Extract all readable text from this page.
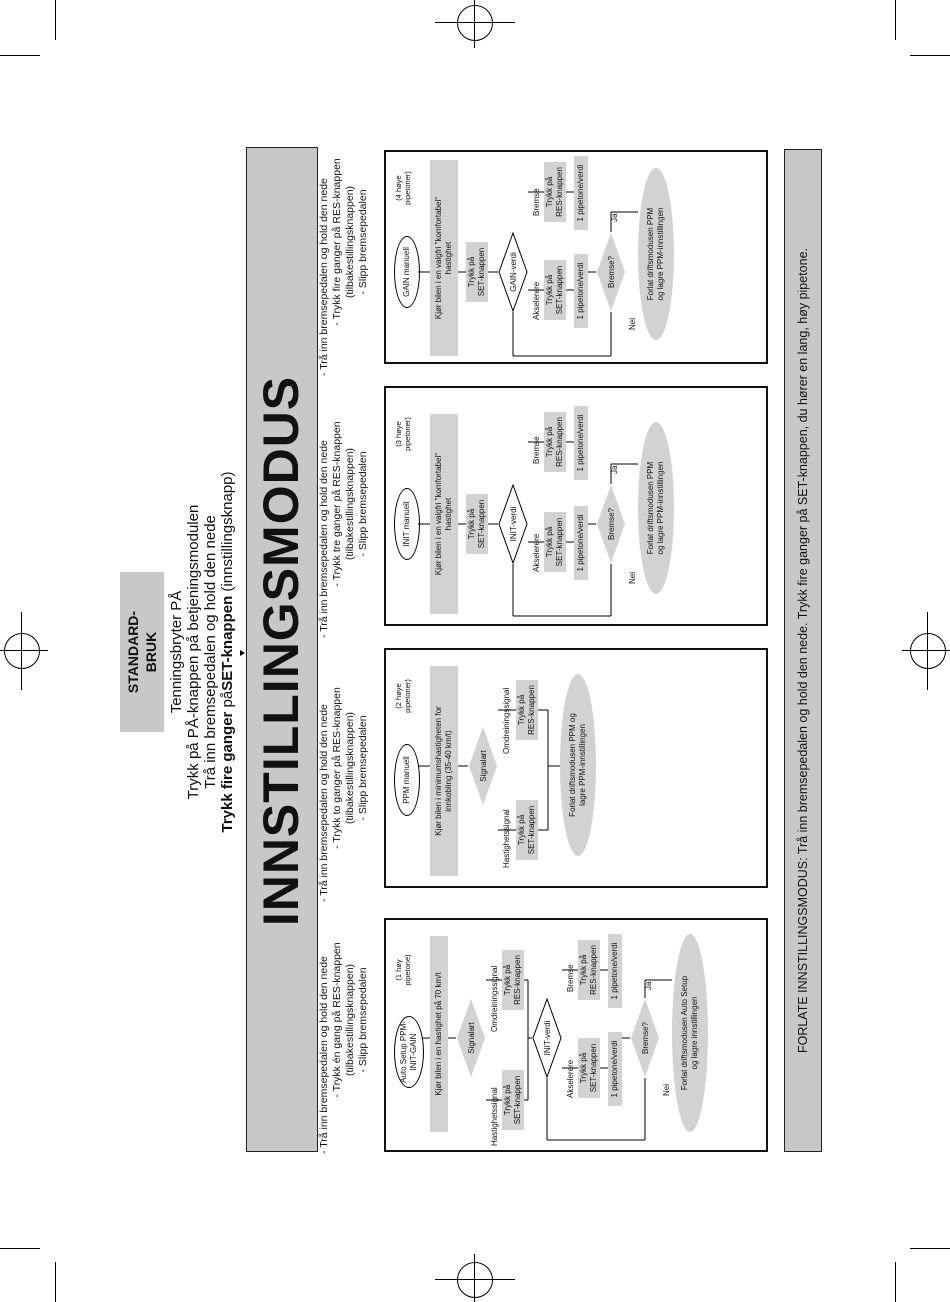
STANDARD- BRUK Tenningsbryter PÅ Trykk på PÅ-knappen på betjeningsmodulen Trå inn bremsepedalen og hold den nede Trykk fire ganger påSET-knappen (innstillingsknapp) INNSTILLINGSMODUS
- Trå inn bremsepedalen og hold den nede - Trykk én gang på RES-knappen (tilbakestillingsknappen) - Slipp bremsepedalen
- Trå inn bremsepedalen og hold den nede - Trykk to ganger på RES-knappen (tilbakestillingsknappen) - Slipp bremsepedalen
- Trå inn bremsepedalen og hold den nede - Trykk tre ganger på RES-knappen (tilbakestillingsknappen) - Slipp bremsepedalen
- Trå inn bremsepedalen og hold den nede - Trykk fire ganger på RES-knappen (tilbakestillingsknappen) - Slipp bremsepedalen
Auto Setup PPM- INIT-GAIN
(1 høy pipetone)
Kjør bilen i en hastighet på 70 km/t	Signalart
Hastighetssignal
Omdreiningssignal
Trykk på SET-knappen
Trykk på RES-knappen
INIT-verdi
Akselerere
Bremse
Trykk på SET-knappen
Trykk på RES-knappen
1 pipetone/verdi
1 pipetone/verdi
Bremse?
Nei
Ja	Forlat driftsmodusen Auto Setup og lagre innstillingen
PPM manuell
(2 høye pipetoner)
Kjør bilen i minimumshastigheten for innkobling (35-40 km/t)	Signalart
Hastighetssignal
Omdreiningssignal
Trykk på SET-knappen
Trykk på RES-knappen
Forlat driftsmodusen PPM og lagre PPM-innstillingen
INIT manuell
(3 høye pipetoner)
Kjør bilen i en valgfri "komfortabel" hastighet Trykk på SET-knappen	INIT-verdi
Akselerere
Bremse
Trykk på SET-knappen
Trykk på RES-knappen
1 pipetone/verdi
1 pipetone/verdi
Bremse?
Nei
Ja	Forlat driftsmodusen PPM og lagre PPM-innstillingen
GAIN manuell
(4 høye pipetoner)
Kjør bilen i en valgfri "komfortabel" hastighet Trykk på SET-knappen	GAIN-verdi
Akselerere
Bremse
Trykk på SET-knappen
Trykk på RES-knappen
1 pipetone/verdi
1 pipetone/verdi
Bremse?
Nei
Ja	Forlat driftsmodusen PPM og lagre PPM-innstillingen	FORLATE INNSTILLINGSMODUS: Trå inn bremsepedalen og hold den nede. Trykk fire ganger på SET-knappen, du hører en lang, høy pipetone.
